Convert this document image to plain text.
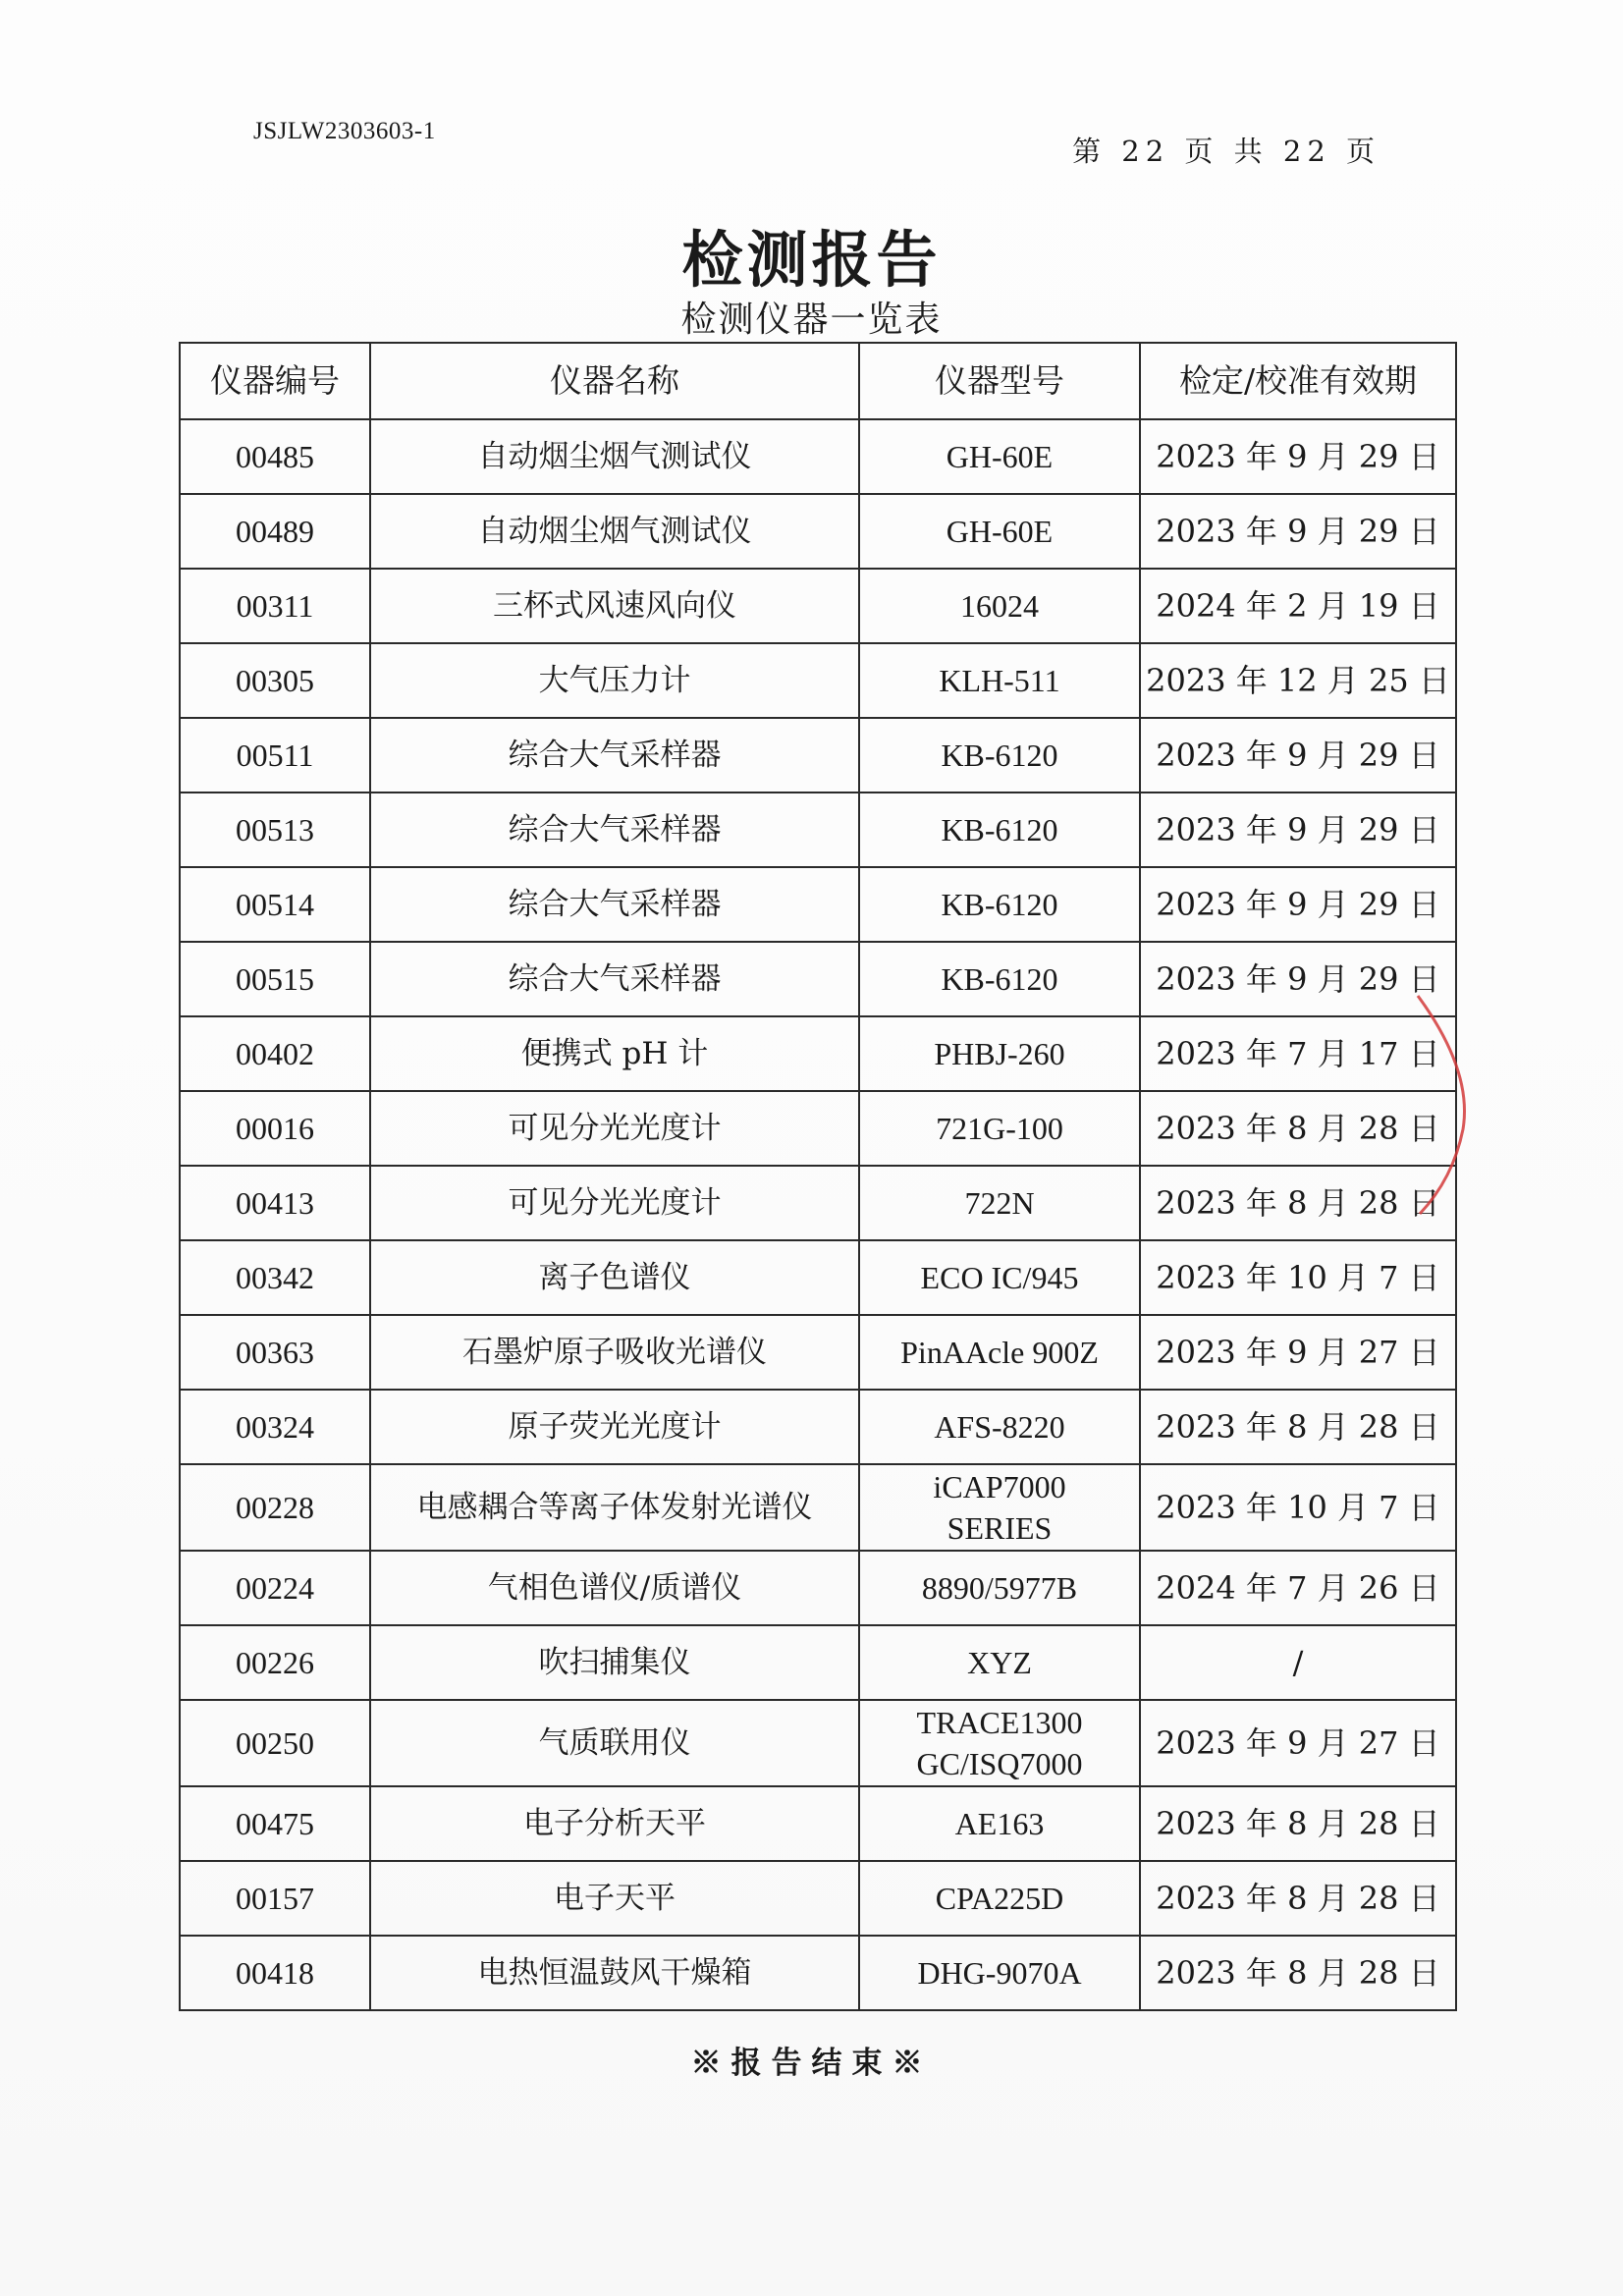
JSJLW2303603-1
第 22 页 共 22 页
检测报告
检测仪器一览表
仪器编号	仪器名称	仪器型号	检定/校准有效期
00485	自动烟尘烟气测试仪	GH-60E	2023 年 9 月 29 日
00489	自动烟尘烟气测试仪	GH-60E	2023 年 9 月 29 日
00311	三杯式风速风向仪	16024	2024 年 2 月 19 日
00305	大气压力计	KLH-511	2023 年 12 月 25 日
00511	综合大气采样器	KB-6120	2023 年 9 月 29 日
00513	综合大气采样器	KB-6120	2023 年 9 月 29 日
00514	综合大气采样器	KB-6120	2023 年 9 月 29 日
00515	综合大气采样器	KB-6120	2023 年 9 月 29 日
00402	便携式 pH 计	PHBJ-260	2023 年 7 月 17 日
00016	可见分光光度计	721G-100	2023 年 8 月 28 日
00413	可见分光光度计	722N	2023 年 8 月 28 日
00342	离子色谱仪	ECO IC/945	2023 年 10 月 7 日
00363	石墨炉原子吸收光谱仪	PinAAcle 900Z	2023 年 9 月 27 日
00324	原子荧光光度计	AFS-8220	2023 年 8 月 28 日
00228	电感耦合等离子体发射光谱仪	iCAP7000
SERIES	2023 年 10 月 7 日
00224	气相色谱仪/质谱仪	8890/5977B	2024 年 7 月 26 日
00226	吹扫捕集仪	XYZ	/
00250	气质联用仪	TRACE1300
GC/ISQ7000	2023 年 9 月 27 日
00475	电子分析天平	AE163	2023 年 8 月 28 日
00157	电子天平	CPA225D	2023 年 8 月 28 日
00418	电热恒温鼓风干燥箱	DHG-9070A	2023 年 8 月 28 日
※报告结束※
